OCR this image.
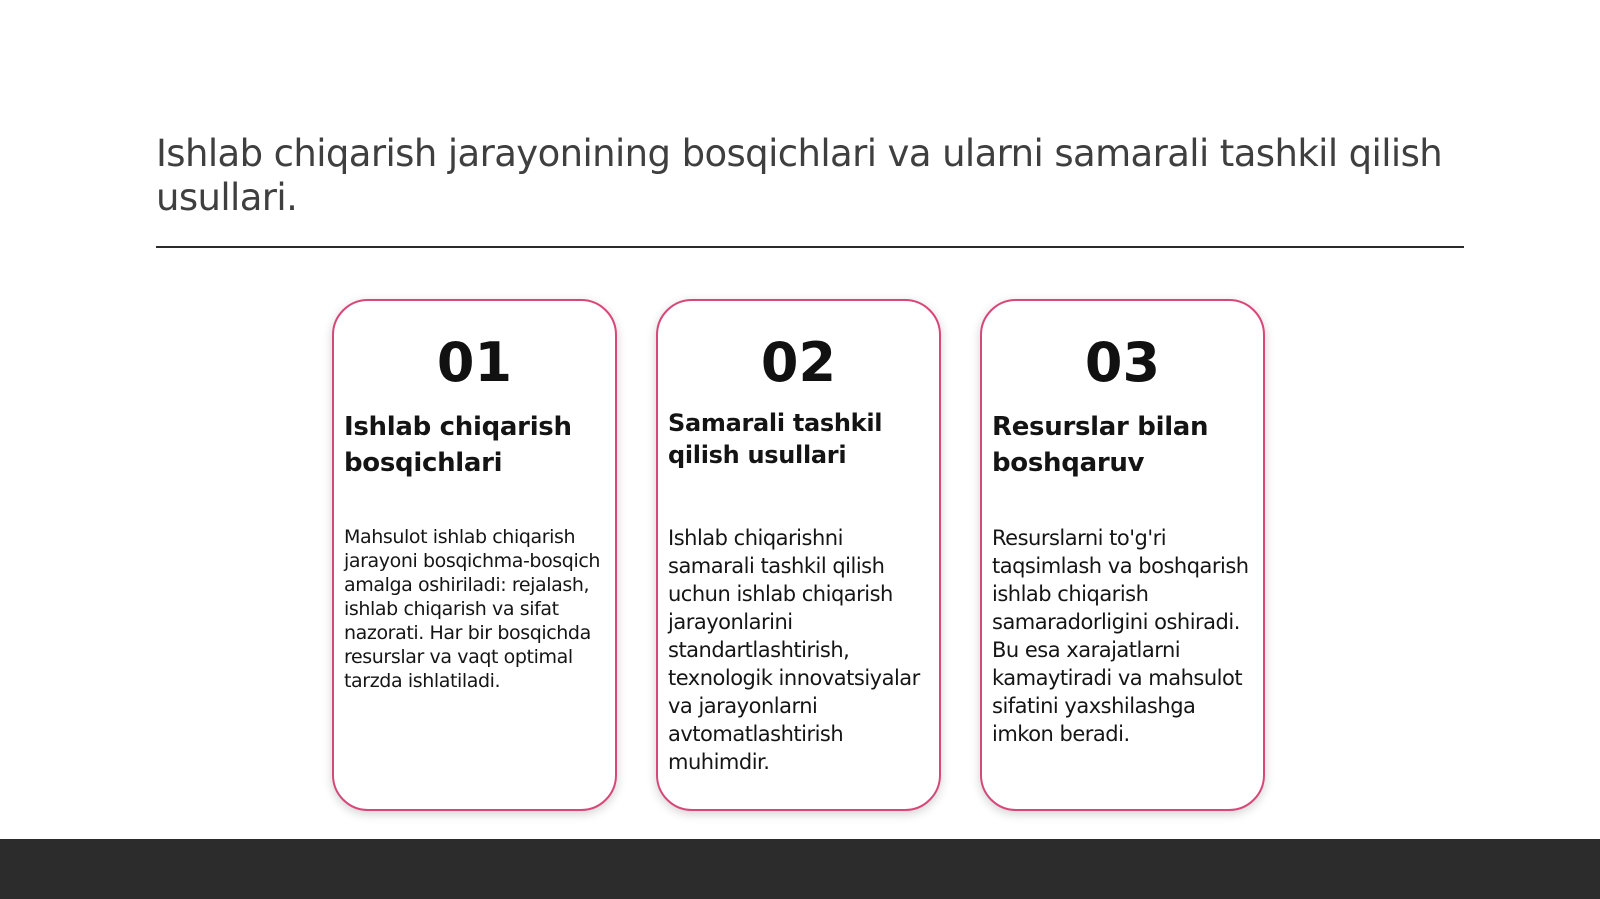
Ishlab chiqarish jarayonining bosqichlari va ularni samarali tashkil qilish usullari.
01
Ishlab chiqarish bosqichlari

Mahsulot ishlab chiqarish jarayoni bosqichma-bosqich amalga oshiriladi: rejalash, ishlab chiqarish va sifat nazorati. Har bir bosqichda resurslar va vaqt optimal tarzda ishlatiladi.

02
Samarali tashkil qilish usullari

Ishlab chiqarishni samarali tashkil qilish uchun ishlab chiqarish jarayonlarini standartlashtirish, texnologik innovatsiyalar va jarayonlarni avtomatlashtirish muhimdir.

03
Resurslar bilan boshqaruv

Resurslarni to'g'ri taqsimlash va boshqarish ishlab chiqarish samaradorligini oshiradi. Bu esa xarajatlarni kamaytiradi va mahsulot sifatini yaxshilashga imkon beradi.
